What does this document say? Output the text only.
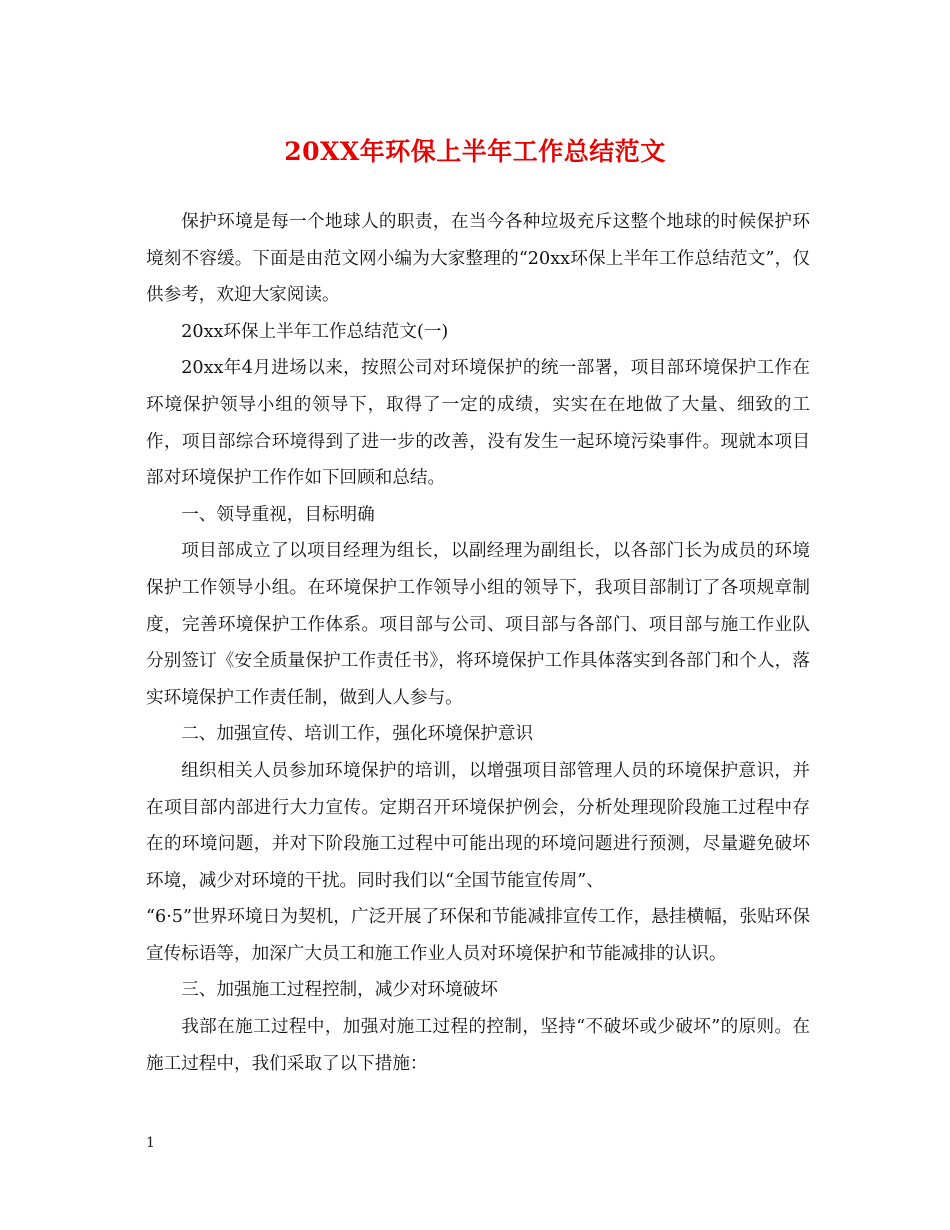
20XX年环保上半年工作总结范文

保护环境是每一个地球人的职责，在当今各种垃圾充斥这整个地球的时候保护环境刻不容缓。下面是由范文网小编为大家整理的“20xx环保上半年工作总结范文”，仅供参考，欢迎大家阅读。

20xx环保上半年工作总结范文(一)

20xx年4月进场以来，按照公司对环境保护的统一部署，项目部环境保护工作在环境保护领导小组的领导下，取得了一定的成绩，实实在在地做了大量、细致的工作，项目部综合环境得到了进一步的改善，没有发生一起环境污染事件。现就本项目部对环境保护工作作如下回顾和总结。

一、领导重视，目标明确

项目部成立了以项目经理为组长，以副经理为副组长，以各部门长为成员的环境保护工作领导小组。在环境保护工作领导小组的领导下，我项目部制订了各项规章制度，完善环境保护工作体系。项目部与公司、项目部与各部门、项目部与施工作业队分别签订《安全质量保护工作责任书》，将环境保护工作具体落实到各部门和个人，落实环境保护工作责任制，做到人人参与。

二、加强宣传、培训工作，强化环境保护意识

组织相关人员参加环境保护的培训，以增强项目部管理人员的环境保护意识，并在项目部内部进行大力宣传。定期召开环境保护例会，分析处理现阶段施工过程中存在的环境问题，并对下阶段施工过程中可能出现的环境问题进行预测，尽量避免破坏环境，减少对环境的干扰。同时我们以“全国节能宣传周”、

“6·5”世界环境日为契机，广泛开展了环保和节能减排宣传工作，悬挂横幅，张贴环保宣传标语等，加深广大员工和施工作业人员对环境保护和节能减排的认识。

三、加强施工过程控制，减少对环境破坏

我部在施工过程中，加强对施工过程的控制，坚持“不破坏或少破坏”的原则。在施工过程中，我们采取了以下措施：

1
